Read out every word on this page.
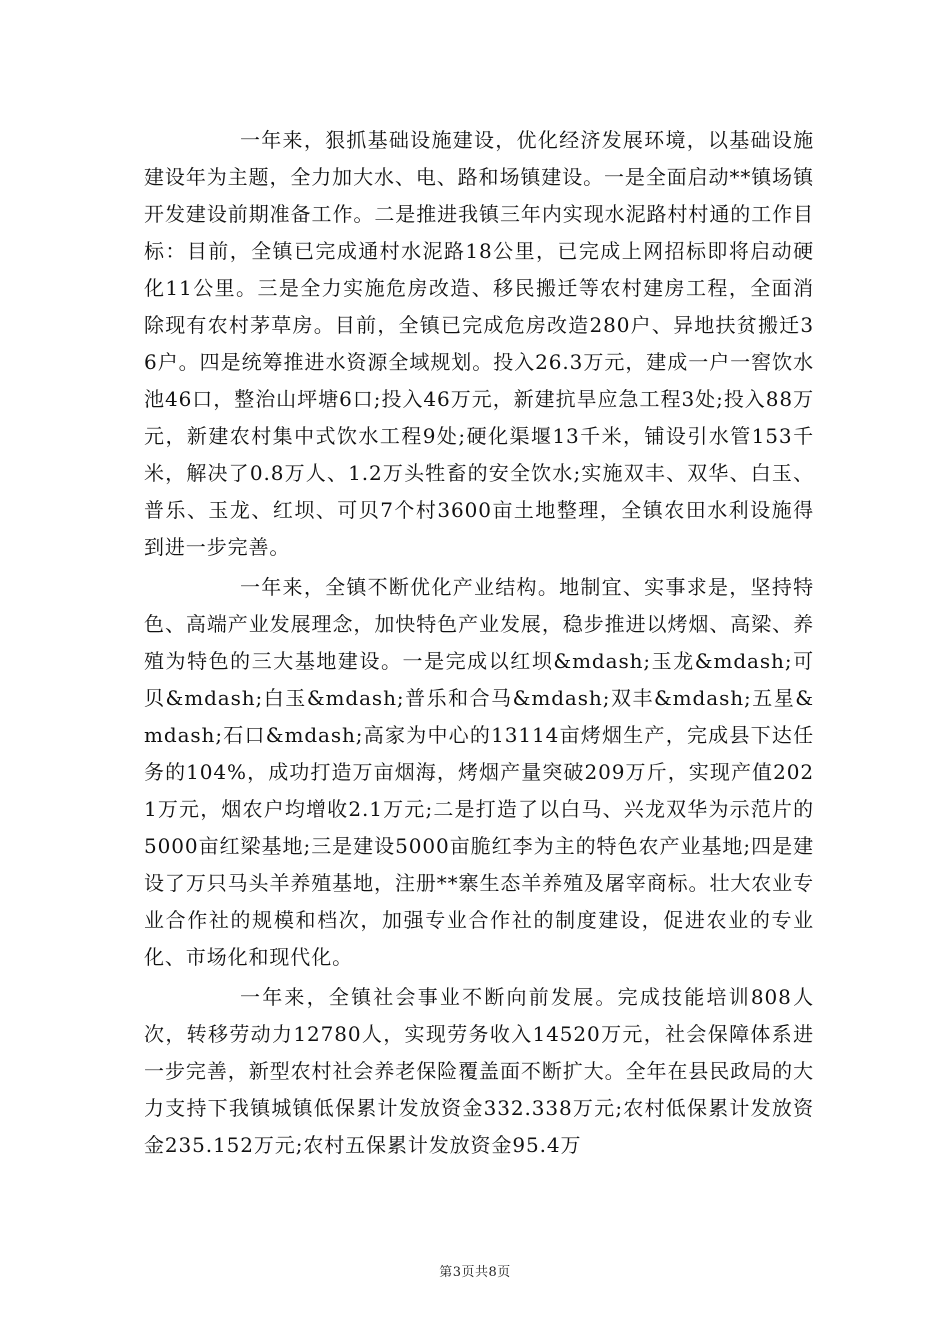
一年来，狠抓基础设施建设，优化经济发展环境，以基础设施建设年为主题，全力加大水、电、路和场镇建设。一是全面启动**镇场镇开发建设前期准备工作。二是推进我镇三年内实现水泥路村村通的工作目标：目前，全镇已完成通村水泥路18公里，已完成上网招标即将启动硬化11公里。三是全力实施危房改造、移民搬迁等农村建房工程，全面消除现有农村茅草房。目前，全镇已完成危房改造280户、异地扶贫搬迁36户。四是统筹推进水资源全域规划。投入26.3万元，建成一户一窖饮水池46口，整治山坪塘6口;投入46万元，新建抗旱应急工程3处;投入88万元，新建农村集中式饮水工程9处;硬化渠堰13千米，铺设引水管153千米，解决了0.8万人、1.2万头牲畜的安全饮水;实施双丰、双华、白玉、普乐、玉龙、红坝、可贝7个村3600亩土地整理，全镇农田水利设施得到进一步完善。

一年来，全镇不断优化产业结构。地制宜、实事求是，坚持特色、高端产业发展理念，加快特色产业发展，稳步推进以烤烟、高梁、养殖为特色的三大基地建设。一是完成以红坝&mdash;玉龙&mdash;可贝&mdash;白玉&mdash;普乐和合马&mdash;双丰&mdash;五星&mdash;石口&mdash;高家为中心的13114亩烤烟生产，完成县下达任务的104%，成功打造万亩烟海，烤烟产量突破209万斤，实现产值2021万元，烟农户均增收2.1万元;二是打造了以白马、兴龙双华为示范片的5000亩红梁基地;三是建设5000亩脆红李为主的特色农产业基地;四是建设了万只马头羊养殖基地，注册**寨生态羊养殖及屠宰商标。壮大农业专业合作社的规模和档次，加强专业合作社的制度建设，促进农业的专业化、市场化和现代化。

一年来，全镇社会事业不断向前发展。完成技能培训808人次，转移劳动力12780人，实现劳务收入14520万元，社会保障体系进一步完善，新型农村社会养老保险覆盖面不断扩大。全年在县民政局的大力支持下我镇城镇低保累计发放资金332.338万元;农村低保累计发放资金235.152万元;农村五保累计发放资金95.4万

第3页共8页
